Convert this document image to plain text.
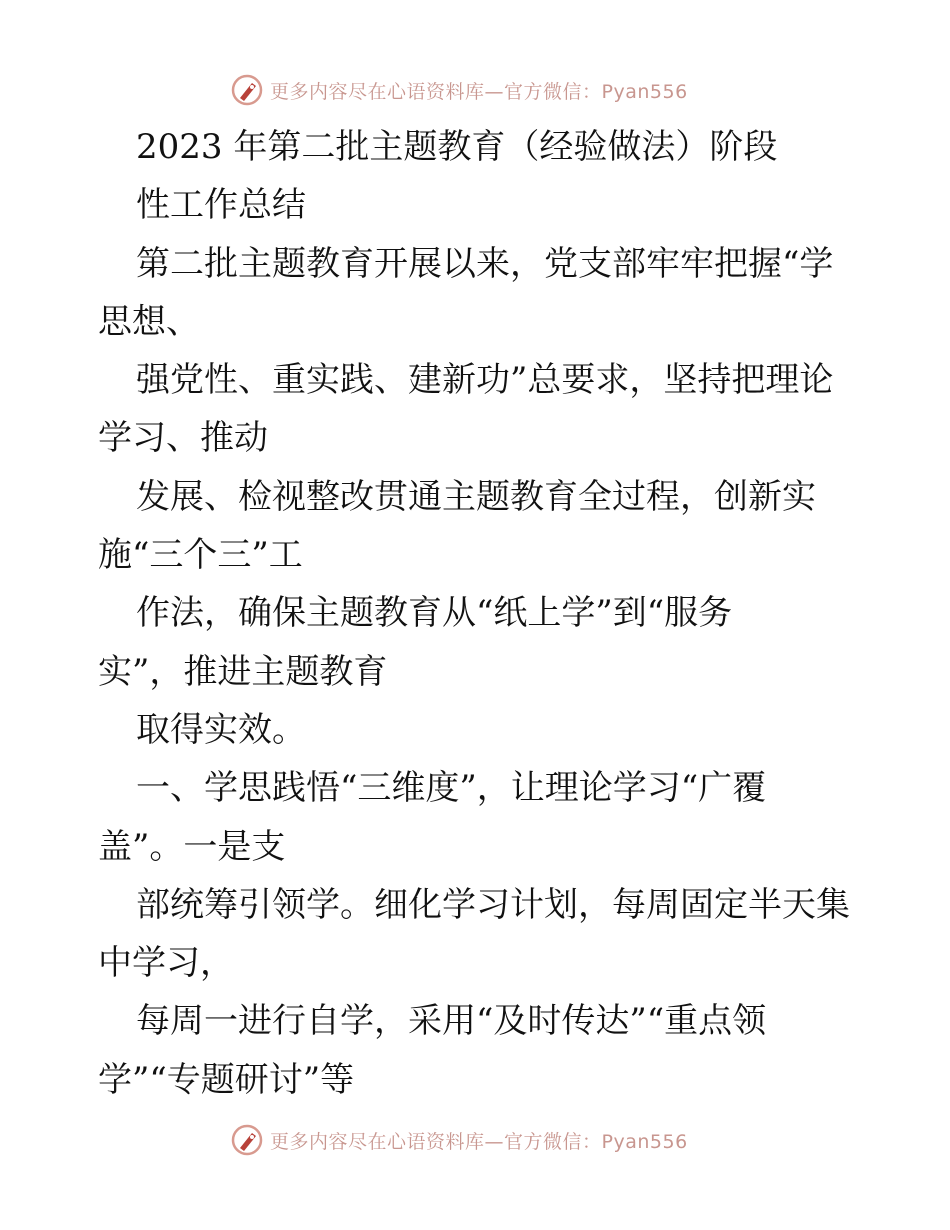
更多内容尽在心语资料库—官方微信：Pyan556
2023 年第二批主题教育（经验做法）阶段
性工作总结
第二批主题教育开展以来，党支部牢牢把握“学
思想、
强党性、重实践、建新功”总要求，坚持把理论
学习、推动
发展、检视整改贯通主题教育全过程，创新实
施“三个三”工
作法，确保主题教育从“纸上学”到“服务
实”，推进主题教育
取得实效。
一、学思践悟“三维度”，让理论学习“广覆
盖”。一是支
部统筹引领学。细化学习计划，每周固定半天集
中学习，
每周一进行自学，采用“及时传达”“重点领
学”“专题研讨”等
更多内容尽在心语资料库—官方微信：Pyan556
